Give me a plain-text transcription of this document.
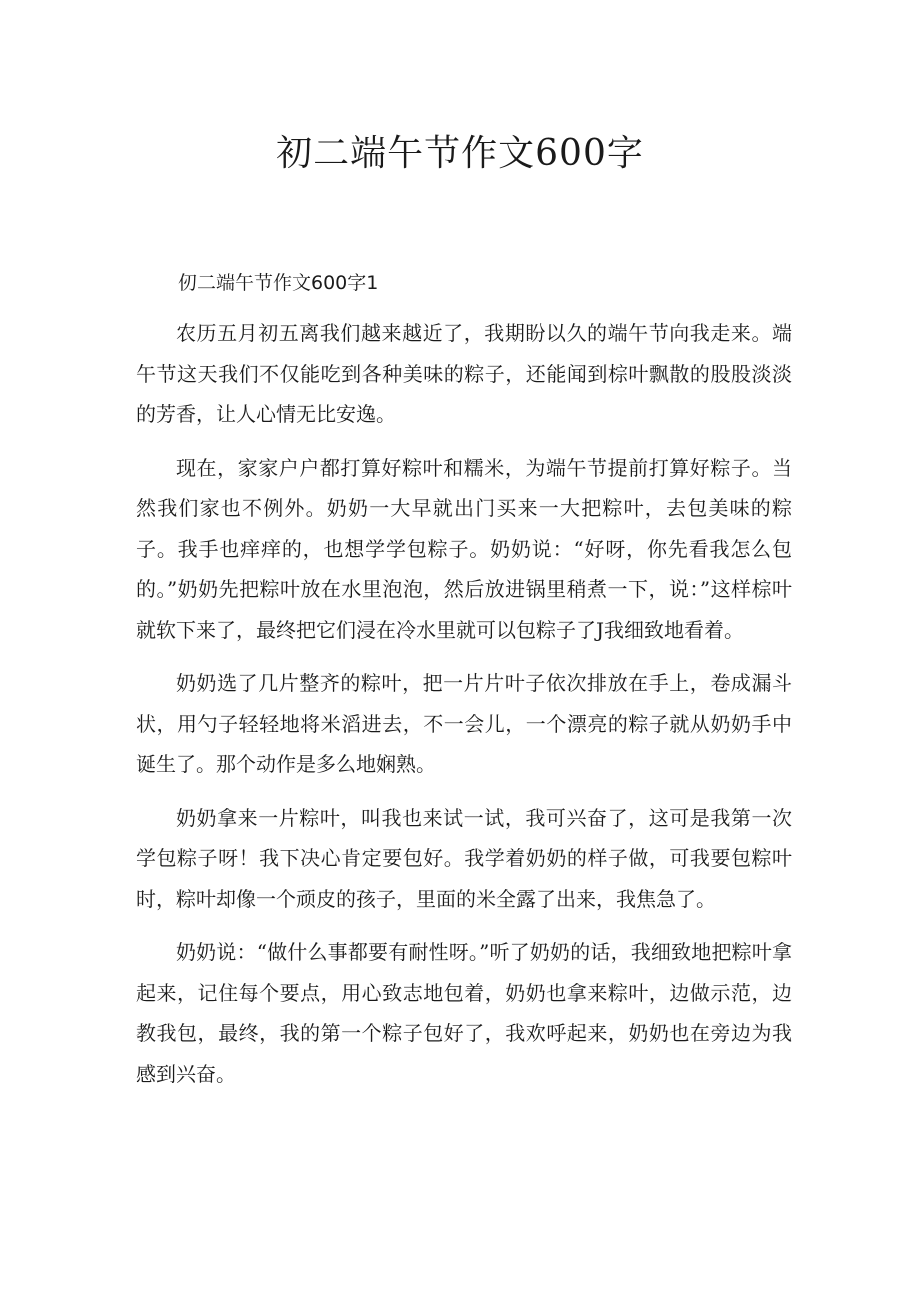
初二端午节作文600字

仞二端午节作文600字1

农历五月初五离我们越来越近了，我期盼以久的端午节向我走来。端午节这天我们不仅能吃到各种美味的粽子，还能闻到棕叶飘散的股股淡淡的芳香，让人心情无比安逸。

现在，家家户户都打算好粽叶和糯米，为端午节提前打算好粽子。当然我们家也不例外。奶奶一大早就出门买来一大把粽叶，去包美味的粽子。我手也痒痒的，也想学学包粽子。奶奶说：“好呀，你先看我怎么包的。”奶奶先把粽叶放在水里泡泡，然后放进锅里稍煮一下，说：”这样棕叶就软下来了，最终把它们浸在冷水里就可以包粽子了J我细致地看着。

奶奶选了几片整齐的粽叶，把一片片叶子依次排放在手上，卷成漏斗状，用勺子轻轻地将米滔进去，不一会儿，一个漂亮的粽子就从奶奶手中诞生了。那个动作是多么地娴熟。

奶奶拿来一片粽叶，叫我也来试一试，我可兴奋了，这可是我第一次学包粽子呀！我下决心肯定要包好。我学着奶奶的样子做，可我要包粽叶时，粽叶却像一个顽皮的孩子，里面的米全露了出来，我焦急了。

奶奶说：“做什么事都要有耐性呀。”听了奶奶的话，我细致地把粽叶拿起来，记住每个要点，用心致志地包着，奶奶也拿来粽叶，边做示范，边教我包，最终，我的第一个粽子包好了，我欢呼起来，奶奶也在旁边为我感到兴奋。
